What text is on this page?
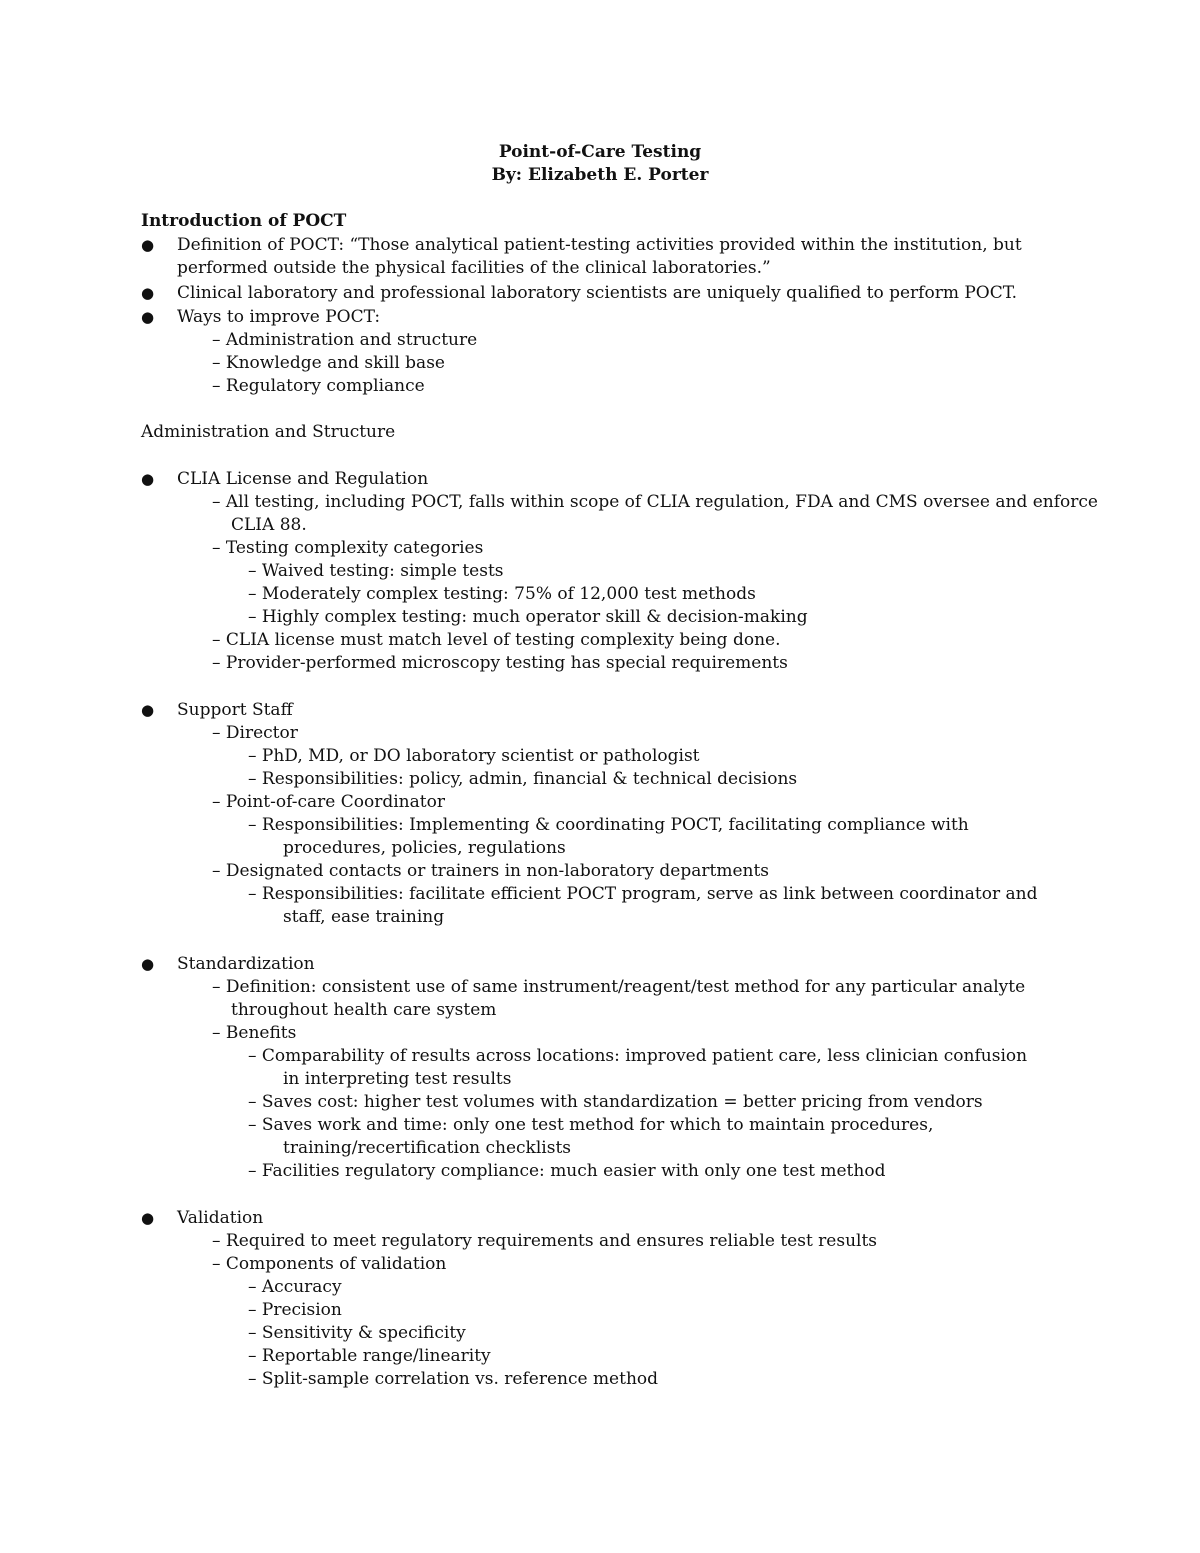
Point-of-Care Testing
By: Elizabeth E. Porter
Introduction of POCT
● Definition of POCT: “Those analytical patient-testing activities provided within the institution, but
performed outside the physical facilities of the clinical laboratories.”
● Clinical laboratory and professional laboratory scientists are uniquely qualified to perform POCT.
● Ways to improve POCT:
– Administration and structure
– Knowledge and skill base
– Regulatory compliance
Administration and Structure
● CLIA License and Regulation
– All testing, including POCT, falls within scope of CLIA regulation, FDA and CMS oversee and enforce
CLIA 88.
– Testing complexity categories
– Waived testing: simple tests
– Moderately complex testing: 75% of 12,000 test methods
– Highly complex testing: much operator skill & decision-making
– CLIA license must match level of testing complexity being done.
– Provider-performed microscopy testing has special requirements
● Support Staff
– Director
– PhD, MD, or DO laboratory scientist or pathologist
– Responsibilities: policy, admin, financial & technical decisions
– Point-of-care Coordinator
– Responsibilities: Implementing & coordinating POCT, facilitating compliance with
procedures, policies, regulations
– Designated contacts or trainers in non-laboratory departments
– Responsibilities: facilitate efficient POCT program, serve as link between coordinator and
staff, ease training
● Standardization
– Definition: consistent use of same instrument/reagent/test method for any particular analyte
throughout health care system
– Benefits
– Comparability of results across locations: improved patient care, less clinician confusion
in interpreting test results
– Saves cost: higher test volumes with standardization = better pricing from vendors
– Saves work and time: only one test method for which to maintain procedures,
training/recertification checklists
– Facilities regulatory compliance: much easier with only one test method
● Validation
– Required to meet regulatory requirements and ensures reliable test results
– Components of validation
– Accuracy
– Precision
– Sensitivity & specificity
– Reportable range/linearity
– Split-sample correlation vs. reference method
